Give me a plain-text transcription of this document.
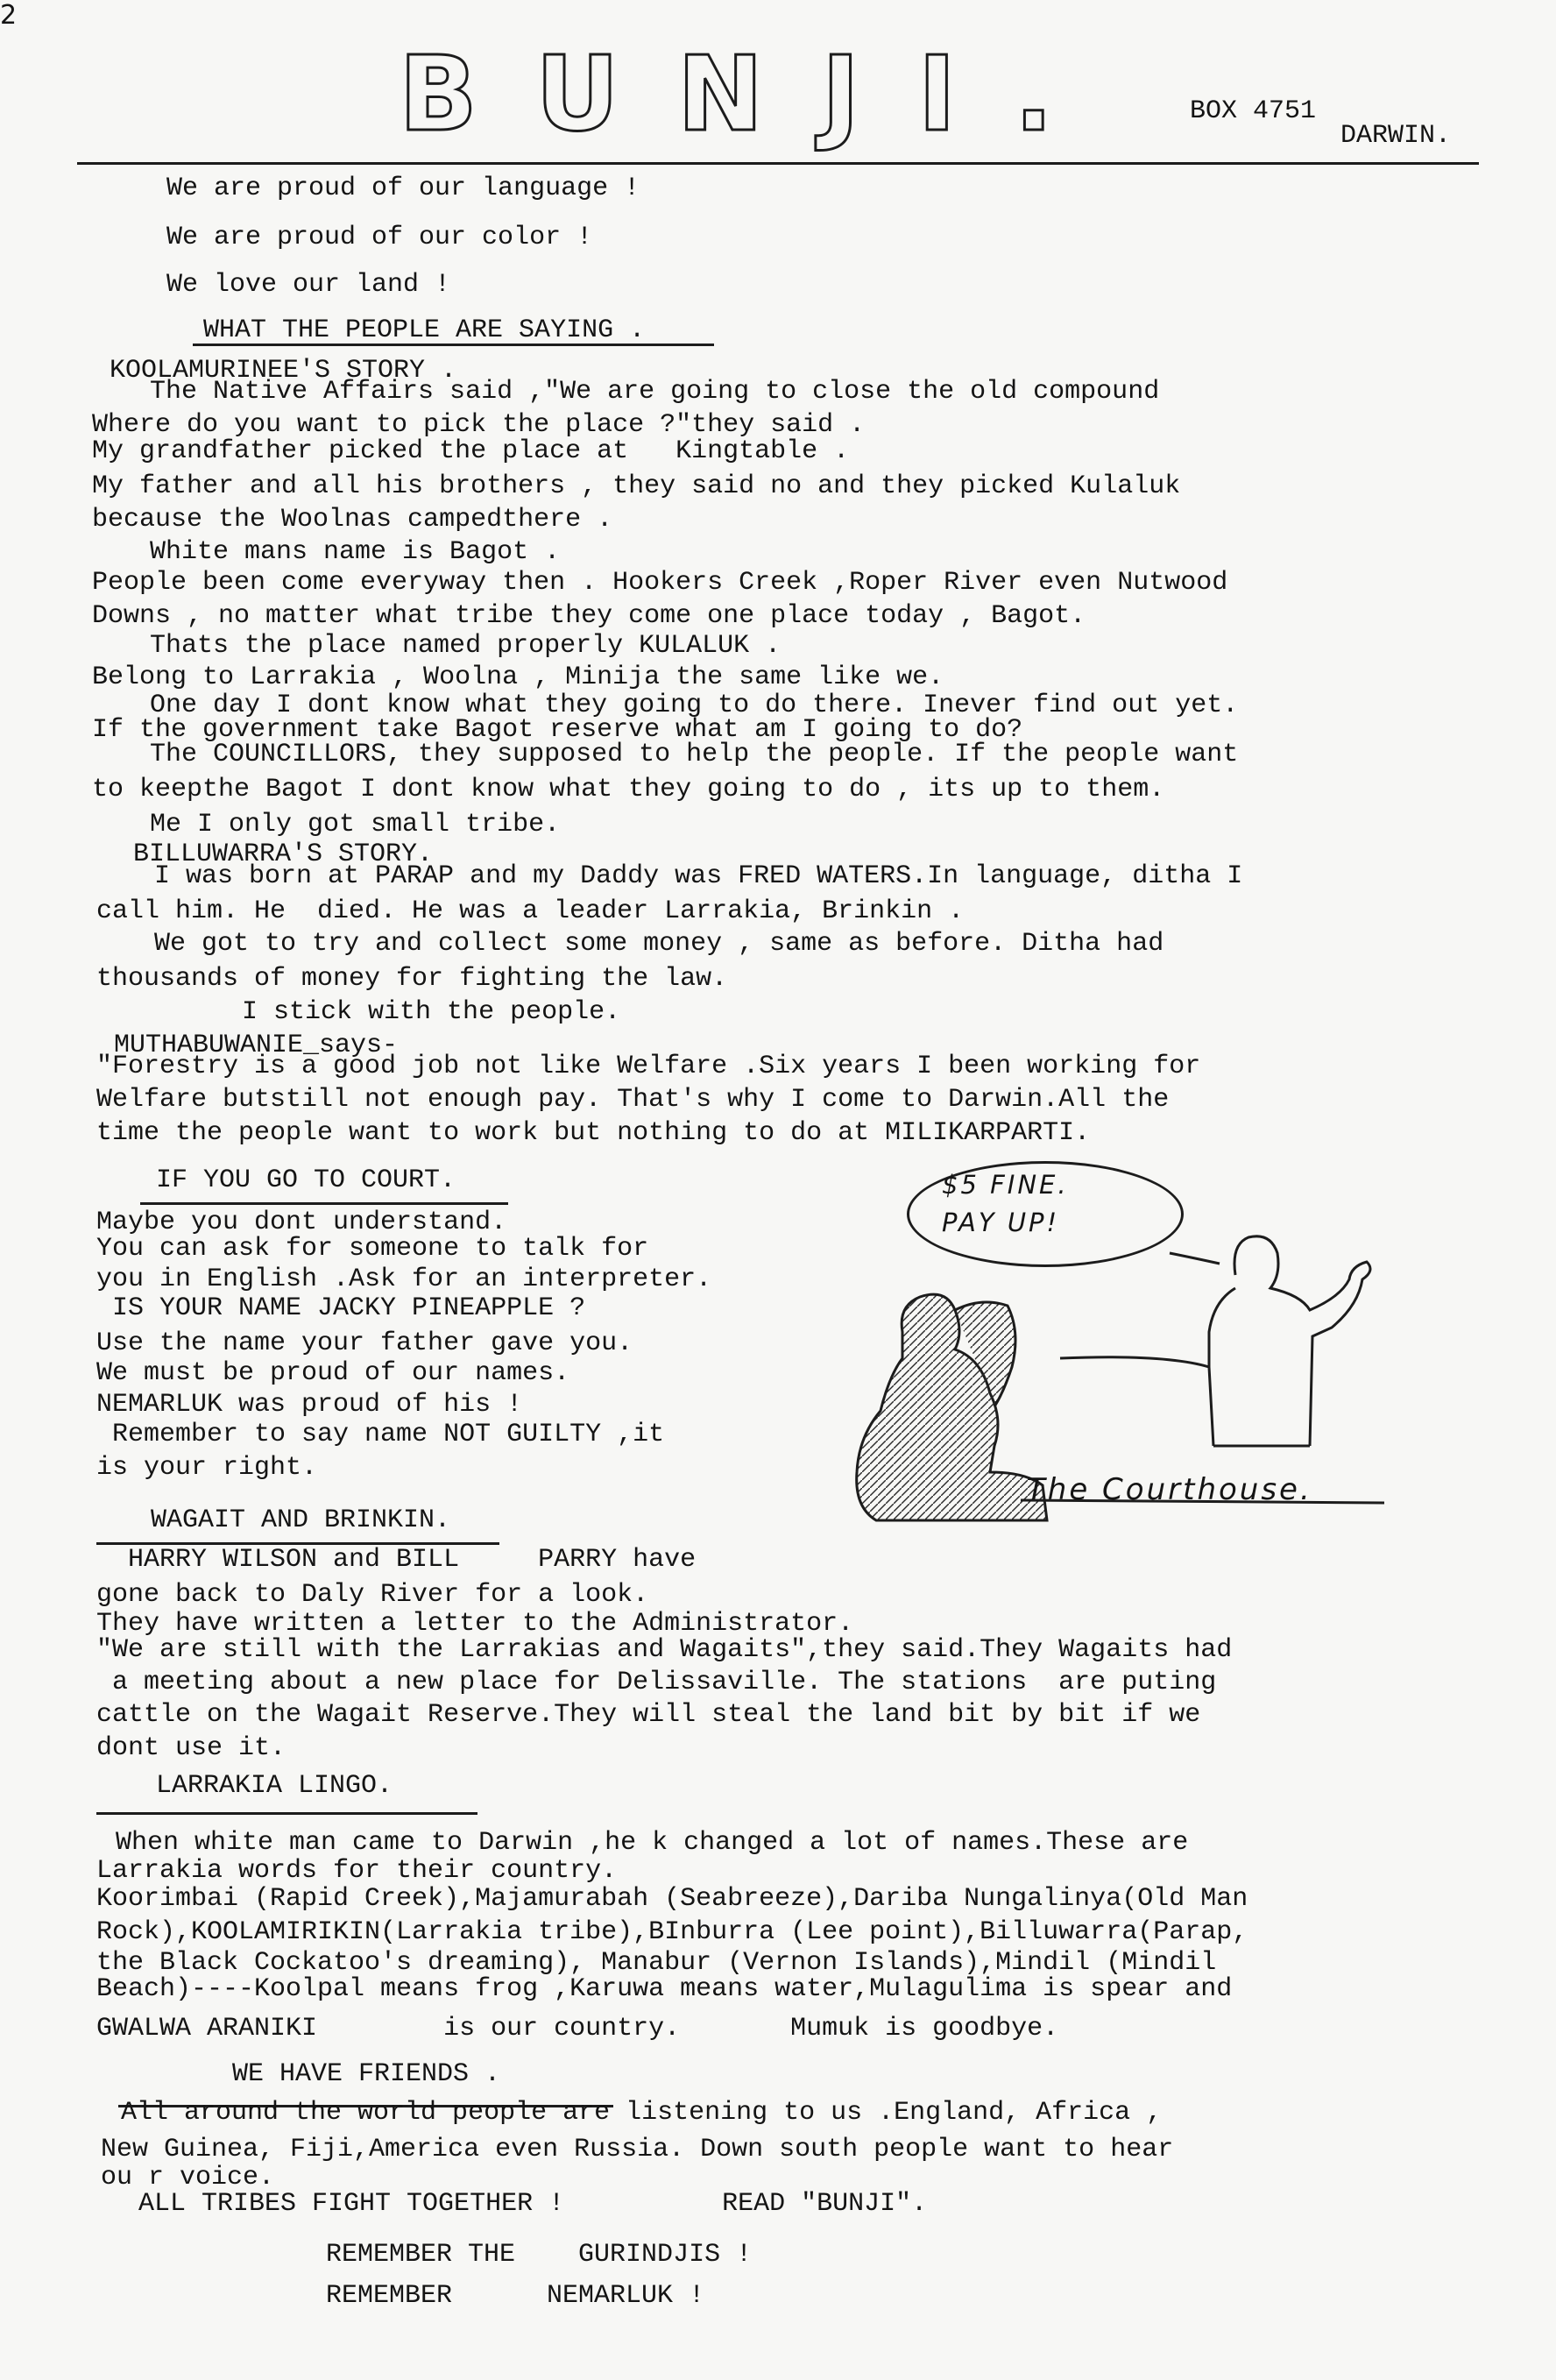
2
BUNJI.	BOX 4751
DARWIN.
We are proud of our language !
We are proud of our color !
We love our land !
WHAT THE PEOPLE ARE SAYING .
KOOLAMURINEE'S STORY .
The Native Affairs said ,"We are going to close the old compound
Where do you want to pick the place ?"they said .
My grandfather picked the place at   Kingtable .
My father and all his brothers , they said no and they picked Kulaluk
because the Woolnas campedthere .
White mans name is Bagot .
People been come everyway then . Hookers Creek ,Roper River even Nutwood
Downs , no matter what tribe they come one place today , Bagot.
Thats the place named properly KULALUK .
Belong to Larrakia , Woolna , Minija the same like we.
One day I dont know what they going to do there. Inever find out yet.
If the government take Bagot reserve what am I going to do?
The COUNCILLORS, they supposed to help the people. If the people want
to keepthe Bagot I dont know what they going to do , its up to them.
Me I only got small tribe.
BILLUWARRA'S STORY.
I was born at PARAP and my Daddy was FRED WATERS.In language, ditha I
call him. He  died. He was a leader Larrakia, Brinkin .
We got to try and collect some money , same as before. Ditha had
thousands of money for fighting the law.
I stick with the people.
MUTHABUWANIE_says-
"Forestry is a good job not like Welfare .Six years I been working for
Welfare butstill not enough pay. That's why I come to Darwin.All the
time the people want to work but nothing to do at MILIKARPARTI.
IF YOU GO TO COURT.
Maybe you dont understand.
You can ask for someone to talk for
you in English .Ask for an interpreter.
IS YOUR NAME JACKY PINEAPPLE ?
Use the name your father gave you.
We must be proud of our names.
NEMARLUK was proud of his !
Remember to say name NOT GUILTY ,it
is your right.
$5 FINE.
PAY UP!
The Courthouse.
WAGAIT AND BRINKIN.
HARRY WILSON and BILL     PARRY have
gone back to Daly River for a look.
They have written a letter to the Administrator.
"We are still with the Larrakias and Wagaits",they said.They Wagaits had
a meeting about a new place for Delissaville. The stations  are puting
cattle on the Wagait Reserve.They will steal the land bit by bit if we
dont use it.
LARRAKIA LINGO.
When white man came to Darwin ,he k changed a lot of names.These are
Larrakia words for their country.
Koorimbai (Rapid Creek),Majamurabah (Seabreeze),Dariba Nungalinya(Old Man
Rock),KOOLAMIRIKIN(Larrakia tribe),BInburra (Lee point),Billuwarra(Parap,
the Black Cockatoo's dreaming), Manabur (Vernon Islands),Mindil (Mindil
Beach)----Koolpal means frog ,Karuwa means water,Mulagulima is spear and
GWALWA ARANIKI        is our country.       Mumuk is goodbye.
WE HAVE FRIENDS .
All around the world people are listening to us .England, Africa ,
New Guinea, Fiji,America even Russia. Down south people want to hear
ou r voice.
ALL TRIBES FIGHT TOGETHER !          READ "BUNJI".
REMEMBER THE    GURINDJIS !
REMEMBER      NEMARLUK !
